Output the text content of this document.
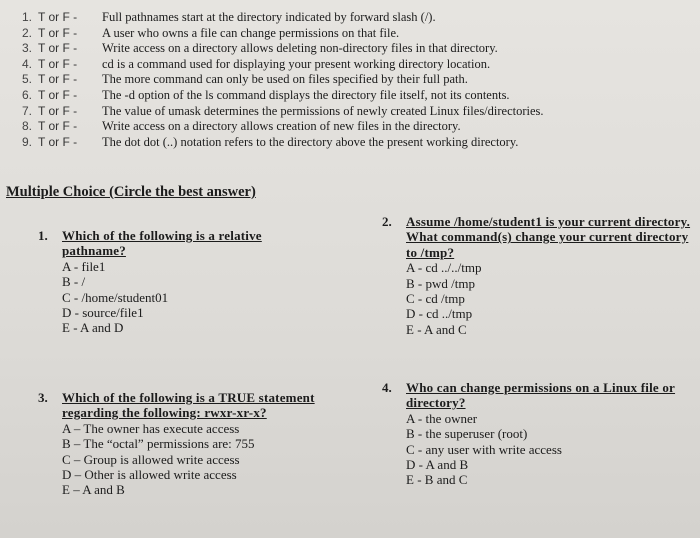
1. T or F -	Full pathnames start at the directory indicated by forward slash (/).
2. T or F -	A user who owns a file can change permissions on that file.
3. T or F -	Write access on a directory allows deleting non-directory files in that directory.
4. T or F -	cd is a command used for displaying your present working directory location.
5. T or F -	The more command can only be used on files specified by their full path.
6. T or F -	The -d option of the ls command displays the directory file itself, not its contents.
7. T or F -	The value of umask determines the permissions of newly created Linux files/directories.
8. T or F -	Write access on a directory allows creation of new files in the directory.
9. T or F -	The dot dot (..) notation refers to the directory above the present working directory.
Multiple Choice (Circle the best answer)
1.	Which of the following is a relative pathname?
A - file1
B - /
C - /home/student01
D - source/file1
E - A and D
2.	Assume /home/student1 is your current directory. What command(s) change your current directory to /tmp?
A - cd ../../tmp
B - pwd /tmp
C - cd /tmp
D - cd ../tmp
E - A and C
3.	Which of the following is a TRUE statement regarding the following: rwxr-xr-x?
A – The owner has execute access
B – The “octal” permissions are: 755
C – Group is allowed write access
D – Other is allowed write access
E – A and B
4.	Who can change permissions on a Linux file or directory?
A - the owner
B - the superuser (root)
C - any user with write access
D - A and B
E - B and C
